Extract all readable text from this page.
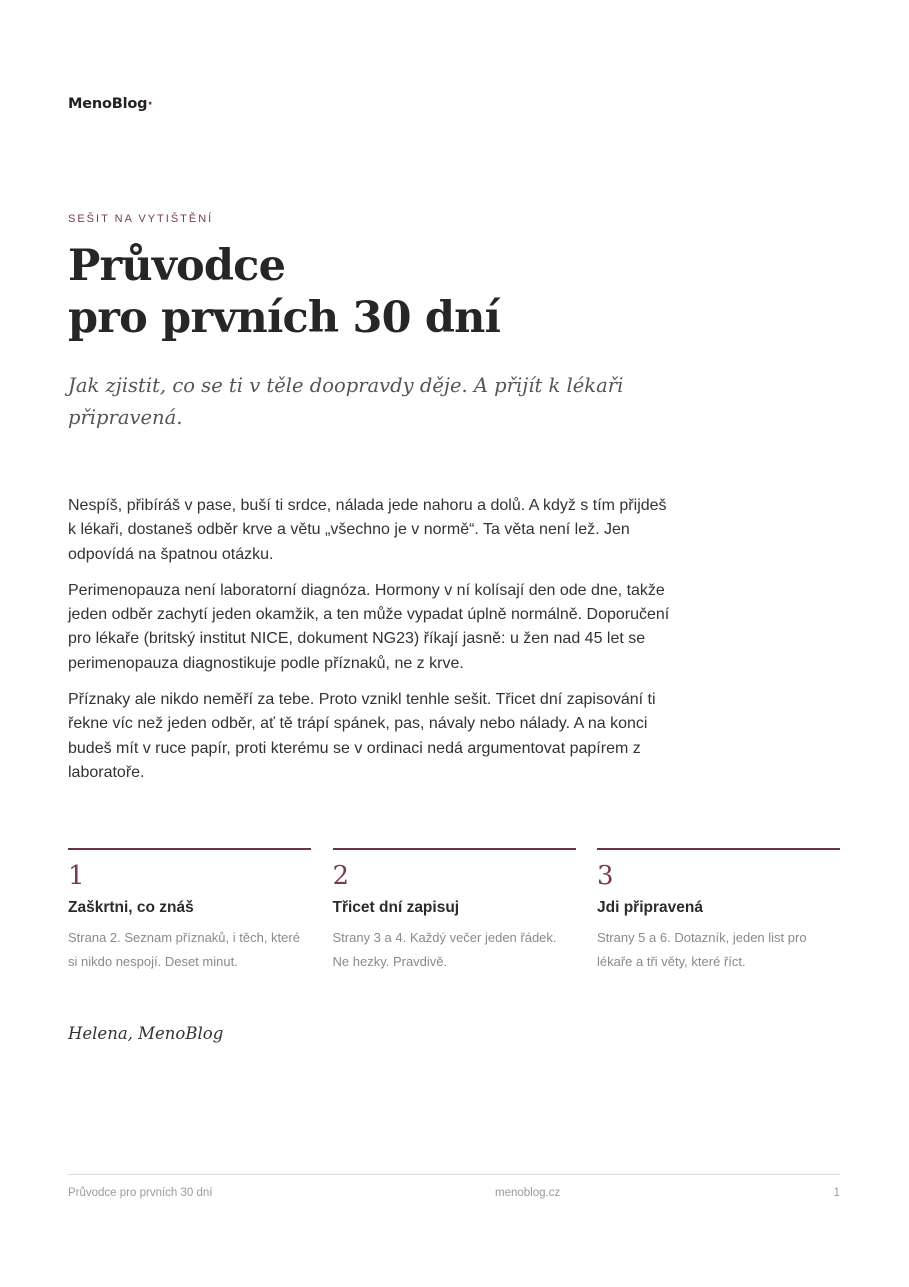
MenoBlog·
SEŠIT NA VYTIŠTĚNÍ
Průvodce
pro prvních 30 dní

Jak zjistit, co se ti v těle doopravdy děje. A přijít k lékaři připravená.

Nespíš, přibíráš v pase, buší ti srdce, nálada jede nahoru a dolů. A když s tím přijdeš k lékaři, dostaneš odběr krve a větu „všechno je v normě“. Ta věta není lež. Jen odpovídá na špatnou otázku.

Perimenopauza není laboratorní diagnóza. Hormony v ní kolísají den ode dne, takže jeden odběr zachytí jeden okamžik, a ten může vypadat úplně normálně. Doporučení pro lékaře (britský institut NICE, dokument NG23) říkají jasně: u žen nad 45 let se perimenopauza diagnostikuje podle příznaků, ne z krve.

Příznaky ale nikdo neměří za tebe. Proto vznikl tenhle sešit. Třicet dní zapisování ti řekne víc než jeden odběr, ať tě trápí spánek, pas, návaly nebo nálady. A na konci budeš mít v ruce papír, proti kterému se v ordinaci nedá argumentovat papírem z laboratoře.

1
Zaškrtni, co znáš
Strana 2. Seznam příznaků, i těch, které si nikdo nespojí. Deset minut.
2
Třicet dní zapisuj
Strany 3 a 4. Každý večer jeden řádek. Ne hezky. Pravdivě.
3
Jdi připravená
Strany 5 a 6. Dotazník, jeden list pro lékaře a tři věty, které říct.
Helena, MenoBlog
Průvodce pro prvních 30 dní	menoblog.cz	1
